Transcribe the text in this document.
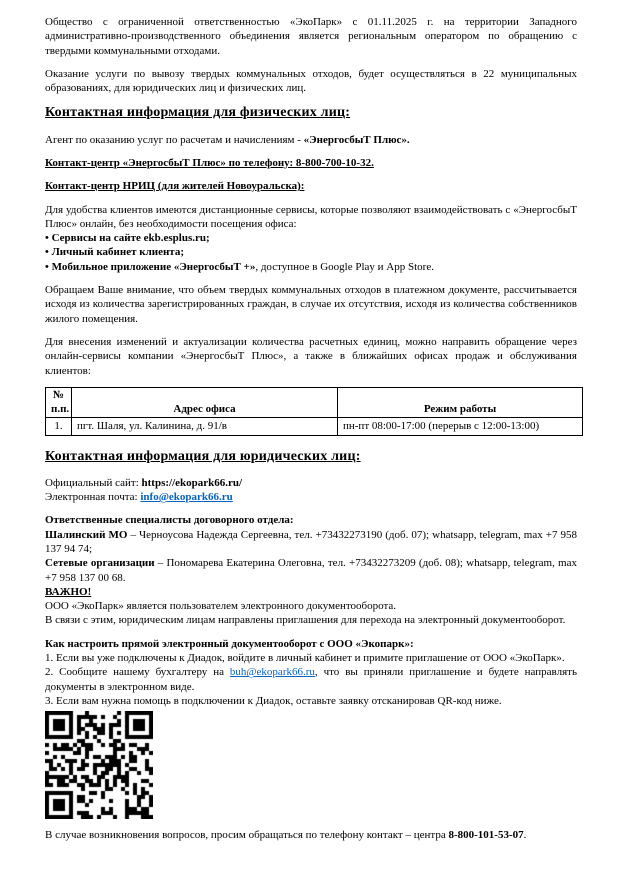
Общество с ограниченной ответственностью «ЭкоПарк» с 01.11.2025 г. на территории Западного административно-производственного объединения является региональным оператором по обращению с твердыми коммунальными отходами.

Оказание услуги по вывозу твердых коммунальных отходов, будет осуществляться в 22 муниципальных образованиях, для юридических лиц и физических лиц.

Контактная информация для физических лиц:

Агент по оказанию услуг по расчетам и начислениям - «ЭнергосбыТ Плюс».

Контакт-центр «ЭнергосбыТ Плюс» по телефону: 8-800-700-10-32.

Контакт-центр НРИЦ (для жителей Новоуральска):

Для удобства клиентов имеются дистанционные сервисы, которые позволяют взаимодействовать с «ЭнергосбыТ Плюс» онлайн, без необходимости посещения офиса:

• Сервисы на сайте ekb.esplus.ru;

• Личный кабинет клиента;

• Мобильное приложение «ЭнергосбыТ +», доступное в Google Play и App Store.

Обращаем Ваше внимание, что объем твердых коммунальных отходов в платежном документе, рассчитывается исходя из количества зарегистрированных граждан, в случае их отсутствия, исходя из количества собственников жилого помещения.

Для внесения изменений и актуализации количества расчетных единиц, можно направить обращение через онлайн-сервисы компании «ЭнергосбыТ Плюс», а также в ближайших офисах продаж и обслуживания клиентов:

№
п.п.	Адрес офиса	Режим работы
1.	пгт. Шаля, ул. Калинина, д. 91/в	пн-пт 08:00-17:00 (перерыв с 12:00-13:00)
Контактная информация для юридических лиц:

Официальный сайт: https://ekopark66.ru/
Электронная почта: info@ekopark66.ru

Ответственные специалисты договорного отдела:

Шалинский МО – Черноусова Надежда Сергеевна, тел. +73432273190 (доб. 07); whatsapp, telegram, max +7 958 137 94 74;

Сетевые организации – Пономарева Екатерина Олеговна, тел. +73432273209 (доб. 08); whatsapp, telegram, max +7 958 137 00 68.

ВАЖНО!

ООО «ЭкоПарк» является пользователем электронного документооборота.

В связи с этим, юридическим лицам направлены приглашения для перехода на электронный документооборот.

Как настроить прямой электронный документооборот с ООО «Экопарк»:

1. Если вы уже подключены к Диадок, войдите в личный кабинет и примите приглашение от ООО «ЭкоПарк».

2. Сообщите нашему бухгалтеру на buh@ekopark66.ru, что вы приняли приглашение и будете направлять документы в электронном виде.

3. Если вам нужна помощь в подключении к Диадок, оставьте заявку отсканировав QR-код ниже.

В случае возникновения вопросов, просим обращаться по телефону контакт – центра 8-800-101-53-07.
